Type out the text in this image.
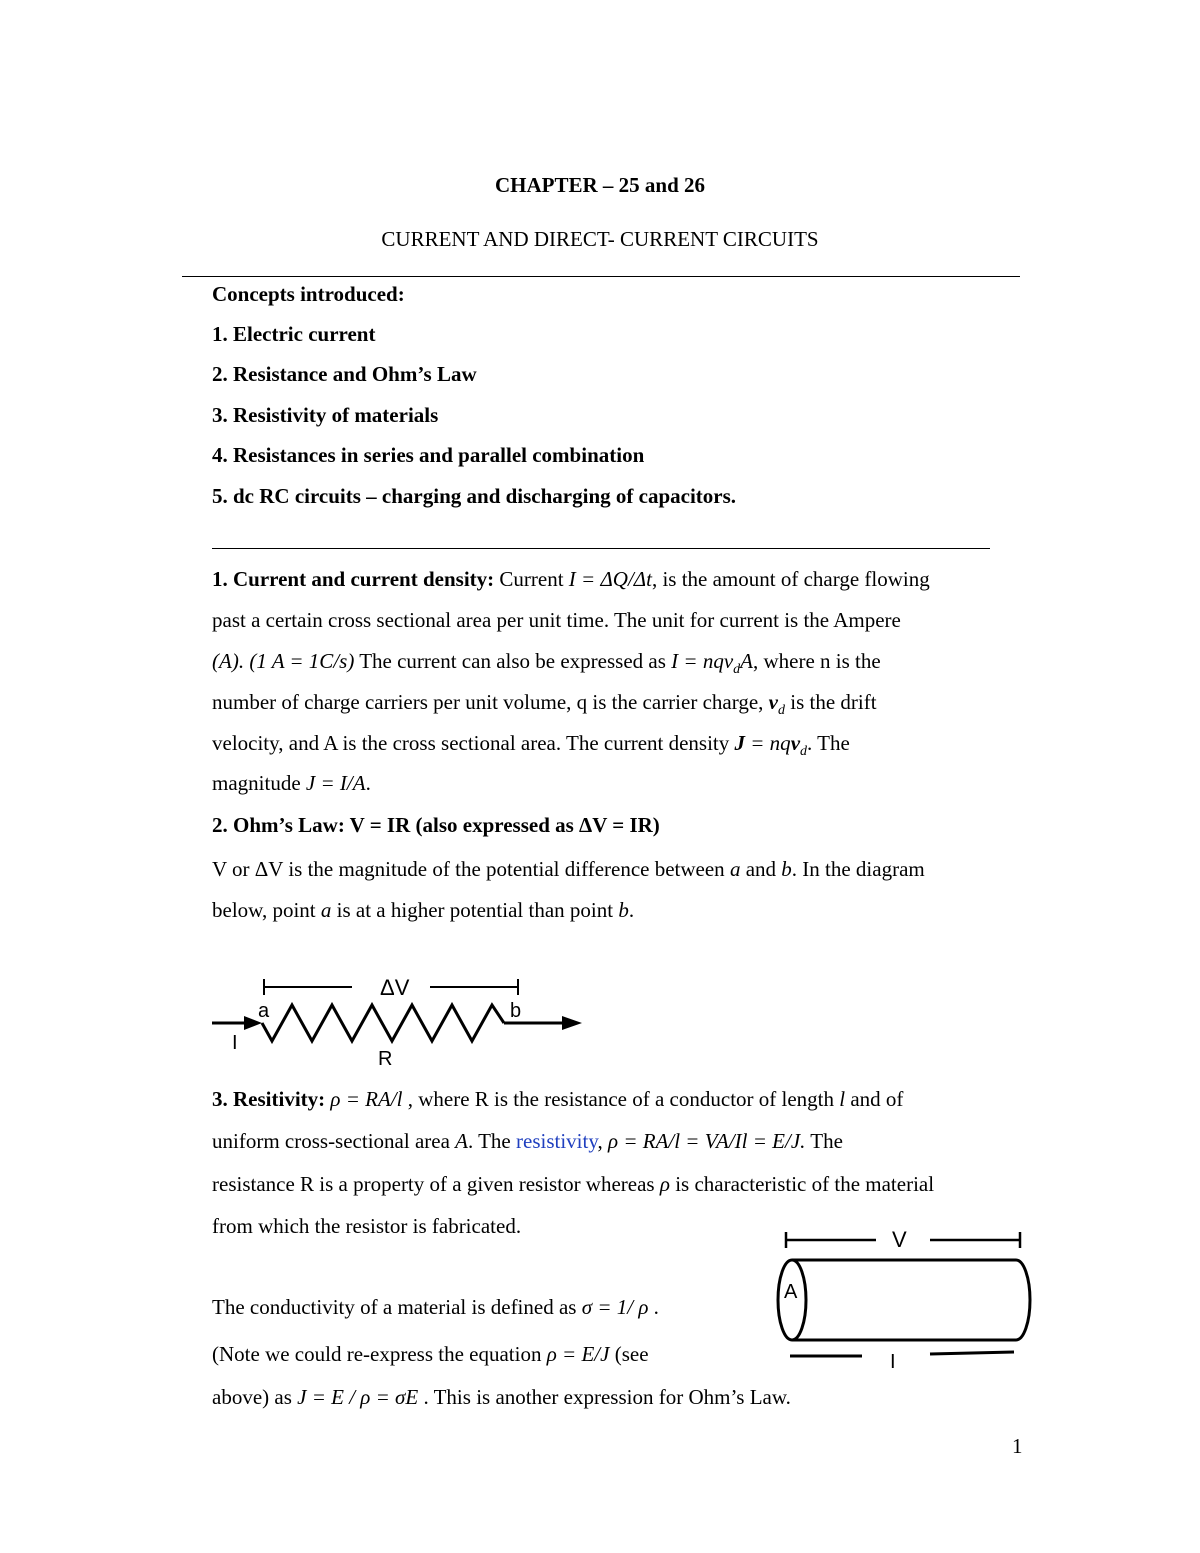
CHAPTER – 25 and 26
CURRENT AND DIRECT- CURRENT CIRCUITS
Concepts introduced:
1. Electric current
2. Resistance and Ohm’s Law
3. Resistivity of materials
4. Resistances in series and parallel combination
5. dc RC circuits – charging and discharging of capacitors.
1. Current and current density: Current I = ΔQ/Δt, is the amount of charge flowing
past a certain cross sectional area per unit time. The unit for current is the Ampere
(A). (1 A = 1C/s) The current can also be expressed as I = nqv$_d$A, where n is the
number of charge carriers per unit volume, q is the carrier charge, $v_d$ is the drift
velocity, and A is the cross sectional area. The current density J = nqv$_d$. The
magnitude J = I/A.
2. Ohm’s Law: V = IR (also expressed as ΔV = IR)
V or ΔV is the magnitude of the potential difference between a and b. In the diagram
below, point a is at a higher potential than point b.
ΔV
a	b
I
R
3. Resitivity: ρ = RA/l , where R is the resistance of a conductor of length l and of
uniform cross-sectional area A. The resistivity, ρ = RA/l = VA/Il = E/J. The
resistance R is a property of a given resistor whereas ρ is characteristic of the material
from which the resistor is fabricated.
The conductivity of a material is defined as σ = 1/ ρ .
(Note we could re-express the equation ρ = E/J (see
above) as J = E / ρ = σE . This is another expression for Ohm’s Law.
V
A
I
1
